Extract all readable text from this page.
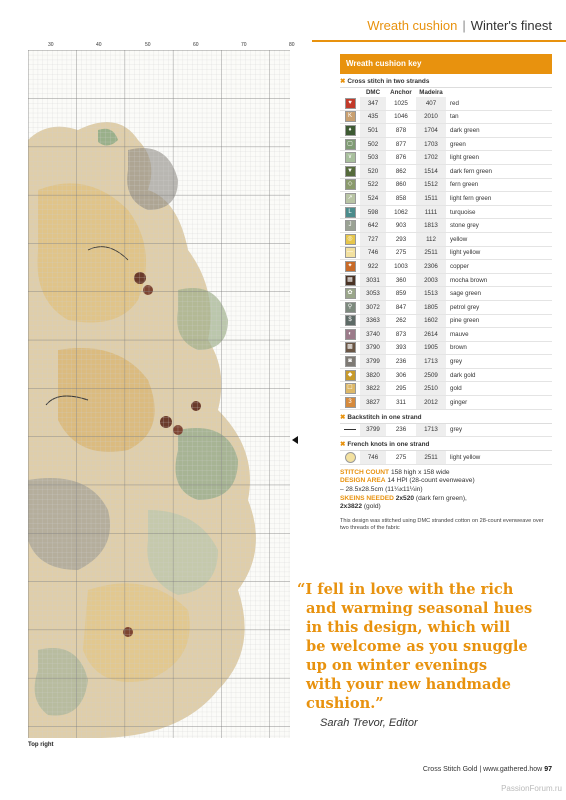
Wreath cushion | Winter's finest
30	40	50	60	70	80
Top right
Wreath cushion key
✖ Cross stitch in two strands
	DMC	Anchor	Madeira	
♥	347	1025	407	red
K	435	1046	2010	tan
♦	501	878	1704	dark green
▢	502	877	1703	green
∨	503	876	1702	light green
▼	520	862	1514	dark fern green
◇	522	860	1512	fern green
↗	524	858	1511	light fern green
L	598	1062	1111	turquoise
J	642	903	1813	stone grey
◎	727	293	112	yellow
—	746	275	2511	light yellow
✦	922	1003	2306	copper
▦	3031	360	2003	mocha brown
✿	3053	859	1513	sage green
⚲	3072	847	1805	petrol grey
$	3363	262	1602	pine green
◐	3740	873	2614	mauve
▩	3790	393	1905	brown
◙	3799	236	1713	grey
◆	3820	306	2509	dark gold
☐	3822	295	2510	gold
3	3827	311	2012	ginger
✖ Backstitch in one strand
	3799	236	1713	grey
✖ French knots in one strand
	746	275	2511	light yellow
STITCH COUNT 158 high x 158 wide
DESIGN AREA 14 HPI (28-count evenweave)
– 28.5x28.5cm (11¼x11¼in)
SKEINS NEEDED 2x520 (dark fern green),
2x3822 (gold)
This design was stitched using DMC stranded cotton on 28-count evenweave over two threads of the fabric
“I fell in love with the rich
and warming seasonal hues
in this design, which will
be welcome as you snuggle
up on winter evenings
with your new handmade
cushion.”
Sarah Trevor, Editor
Cross Stitch Gold | www.gathered.how 97
PassionForum.ru
